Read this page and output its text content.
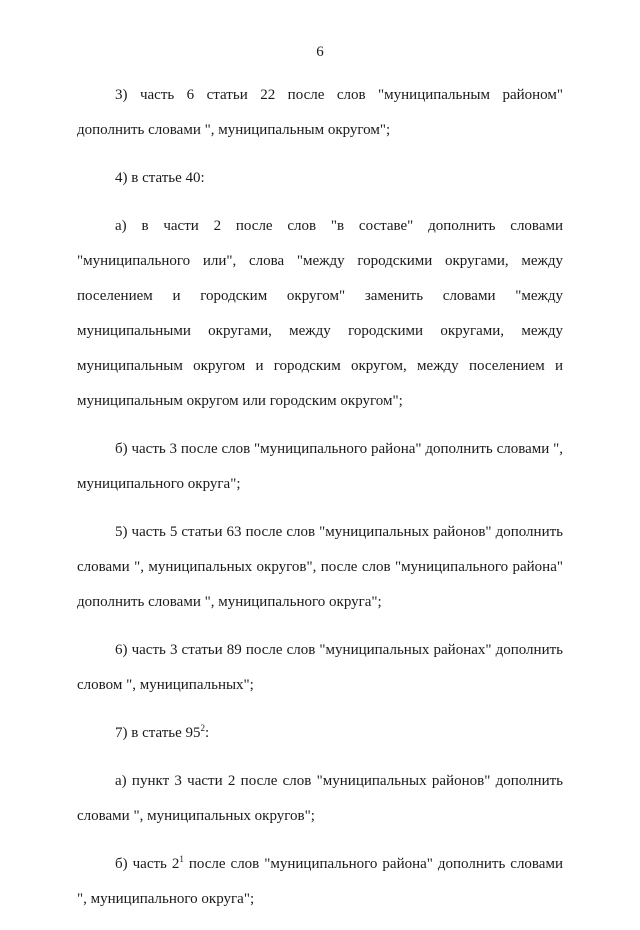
6

3) часть 6 статьи 22 после слов "муниципальным районом" дополнить словами ", муниципальным округом";

4) в статье 40:

а) в части 2 после слов "в составе" дополнить словами "муниципального или", слова "между городскими округами, между поселением и городским округом" заменить словами "между муниципальными округами, между городскими округами, между муниципальным округом и городским округом, между поселением и муниципальным округом или городским округом";

б) часть 3 после слов "муниципального района" дополнить словами ", муниципального округа";

5) часть 5 статьи 63 после слов "муниципальных районов" дополнить словами ", муниципальных округов", после слов "муниципального района" дополнить словами ", муниципального округа";

6) часть 3 статьи 89 после слов "муниципальных районах" дополнить словом ", муниципальных";

7) в статье $95^2$:

а) пункт 3 части 2 после слов "муниципальных районов" дополнить словами ", муниципальных округов";

б) часть $2^1$ после слов "муниципального района" дополнить словами ", муниципального округа";
